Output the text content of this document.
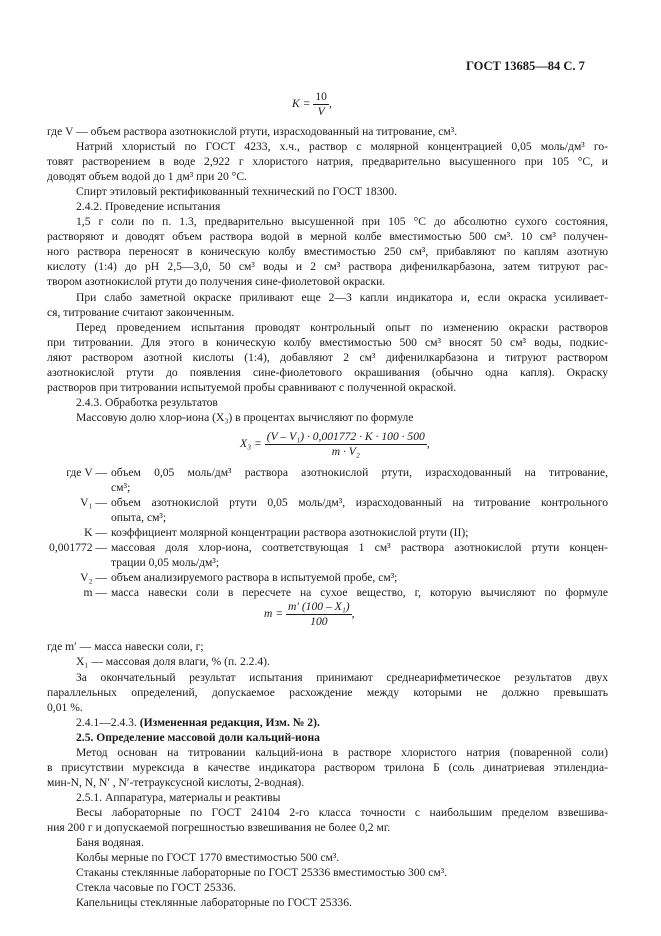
ГОСТ 13685—84 С. 7
$K = \frac{10}{V}$ ,
где V — объем раствора азотнокислой ртути, израсходованный на титрование, см³.
Натрий хлористый по ГОСТ 4233, х.ч., раствор с молярной концентрацией 0,05 моль/дм³ го-
товят растворением в воде 2,922 г хлористого натрия, предварительно высушенного при 105 °С, и
доводят объем водой до 1 дм³ при 20 °С.
Спирт этиловый ректификованный технический по ГОСТ 18300.
2.4.2. Проведение испытания
1,5 г соли по п. 1.3, предварительно высушенной при 105 °С до абсолютно сухого состояния,
растворяют и доводят объем раствора водой в мерной колбе вместимостью 500 см³. 10 см³ получен-
ного раствора переносят в коническую колбу вместимостью 250 см³, прибавляют по каплям азотную
кислоту (1:4) до pH 2,5—3,0, 50 см³ воды и 2 см³ раствора дифенилкарбазона, затем титруют рас-
твором азотнокислой ртути до получения сине-фиолетовой окраски.
При слабо заметной окраске приливают еще 2—3 капли индикатора и, если окраска усиливает-
ся, титрование считают законченным.
Перед проведением испытания проводят контрольный опыт по изменению окраски растворов
при титровании. Для этого в коническую колбу вместимостью 500 см³ вносят 50 см³ воды, подкис-
ляют раствором азотной кислоты (1:4), добавляют 2 см³ дифенилкарбазона и титруют раствором
азотнокислой ртути до появления сине-фиолетового окрашивания (обычно одна капля). Окраску
растворов при титровании испытуемой пробы сравнивают с полученной окраской.
2.4.3. Обработка результатов
Массовую долю хлор-иона (X₃) в процентах вычисляют по формуле
$X_3 = \frac{\text{(V – V₁) · 0,001772 · K · 100 · 500}}{\text{m · V₂}}$ ,
где V — объем 0,05 моль/дм³ раствора азотнокислой ртути, израсходованный на титрование,
см³;
V₁ — объем азотнокислой ртути 0,05 моль/дм³, израсходованный на титрование контрольного
опыта, см³;
K — коэффициент молярной концентрации раствора азотнокислой ртути (II);
0,001772 — массовая доля хлор-иона, соответствующая 1 см³ раствора азотнокислой ртути концен-
трации 0,05 моль/дм³;
V₂ — объем анализируемого раствора в испытуемой пробе, см³;
m — масса навески соли в пересчете на сухое вещество, г, которую вычисляют по формуле
$m = \frac{\text{m′ (100 – X₁)}}{100}$ ,
где m′ — масса навески соли, г;
X₁ — массовая доля влаги, % (п. 2.2.4).
За окончательный результат испытания принимают среднеарифметическое результатов двух
параллельных определений, допускаемое расхождение между которыми не должно превышать
0,01 %.
2.4.1—2.4.3. (Измененная редакция, Изм. № 2).
2.5. Определение массовой доли кальций-иона
Метод основан на титровании кальций-иона в растворе хлористого натрия (поваренной соли)
в присутствии мурексида в качестве индикатора раствором трилона Б (соль динатриевая этилендиа-
мин-N, N, N′ , N′-тетрауксусной кислоты, 2-водная).
2.5.1. Аппаратура, материалы и реактивы
Весы лабораторные по ГОСТ 24104 2-го класса точности с наибольшим пределом взвешива-
ния 200 г и допускаемой погрешностью взвешивания не более 0,2 мг.
Баня водяная.
Колбы мерные по ГОСТ 1770 вместимостью 500 см³.
Стаканы стеклянные лабораторные по ГОСТ 25336 вместимостью 300 см³.
Стекла часовые по ГОСТ 25336.
Капельницы стеклянные лабораторные по ГОСТ 25336.
